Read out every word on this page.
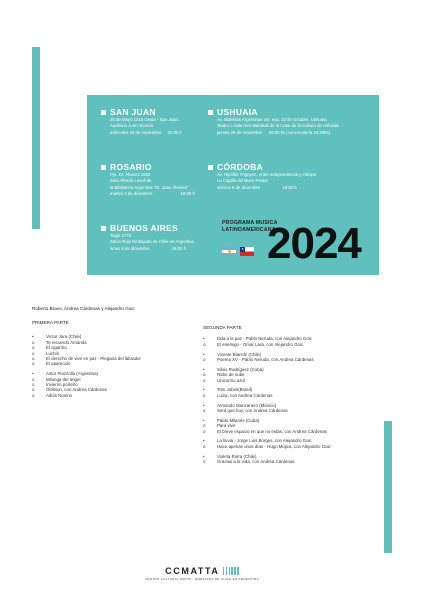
SAN JUAN
25 de Mayo 1215 Oeste - San Juan.
Auditorio Juan Victoria
miércoles 26 de noviembre 21:00 h
USHUAIA
Av. Malvinas Argentinas s/n, esq. 12 de Octubre, Ushuaia.
Teatro o Sala Niní Marshall de la Casa de la Cultura de Ushuaia
jueves 29 de noviembre 20:00 hs (convocatoria 19:30hs)
ROSARIO
Pje. Dr. Álvarez 1550
Sala Alfredo Lovell de
la Biblioteca Argentina "Dr. Juan Álvarez"
martes 3 de diciembre	19:00 h
CÓRDOBA
Av. Hipólito Yrigoyen, entre Independencia y Obispo
La Capilla del Buen Pastor
viernes 6 de diciembre	19:00 h
BUENOS AIRES
Tagle 2772
Salón Rojo Embajada de Chile en Argentina
lunes 9 de diciembre	19:00 h
PROGRAMA MUSICA
LATINOAMERICANA
2024
★
Roberto Bravo, Andrea Cárdenas y Alejandro Goic
PRIMERA PARTE
•	Víctor Jara (Chile)
o	Te recuerdo Amanda
o	El cigarrito
o	Luchín
o	El derecho de vivir en paz - Plegaria del labrador
o	El aparecido
•	Astor Piazzolla (Argentina)
o	Milonga del ángel
o	Invierno porteño
o	Oblivion, con Andrea Cárdenas
o	Adiós Nonino
SEGUNDA PARTE
•	Oda a la paz - Pablo Neruda, con Alejandro Goic
o	El enemigo - Omar Lara, con Alejandro Goic
•	Vicente Bianchi (Chile)
o	Poema XV - Pablo Neruda, con Andrea Cárdenas
•	Silvio Rodríguez (Cuba)
o	Rabo de nube
o	Unicornio azul
•	Tom Jobim(Brasil)
o	Luiza, con Andrea Cárdenas
•	Armando Manzanero (México)
o	Será que hoy, con Andrea Cárdenas
•	Pablo Milanés (Cuba)
o	Para vivir
o	El breve espacio en que no estás, con Andrea Cárdenas
•	La lluvia - Jorge Luis Borges, con Alejandro Goic
o	Hace apenas unos días - Hugo Mujica, con Alejandro Goic
•	Violeta Parra (Chile)
o	Gracias a la vida, con Andrea Cárdenas
CCMATTA
CENTRO CULTURAL MATTA - EMBAJADA DE CHILE EN ARGENTINA
